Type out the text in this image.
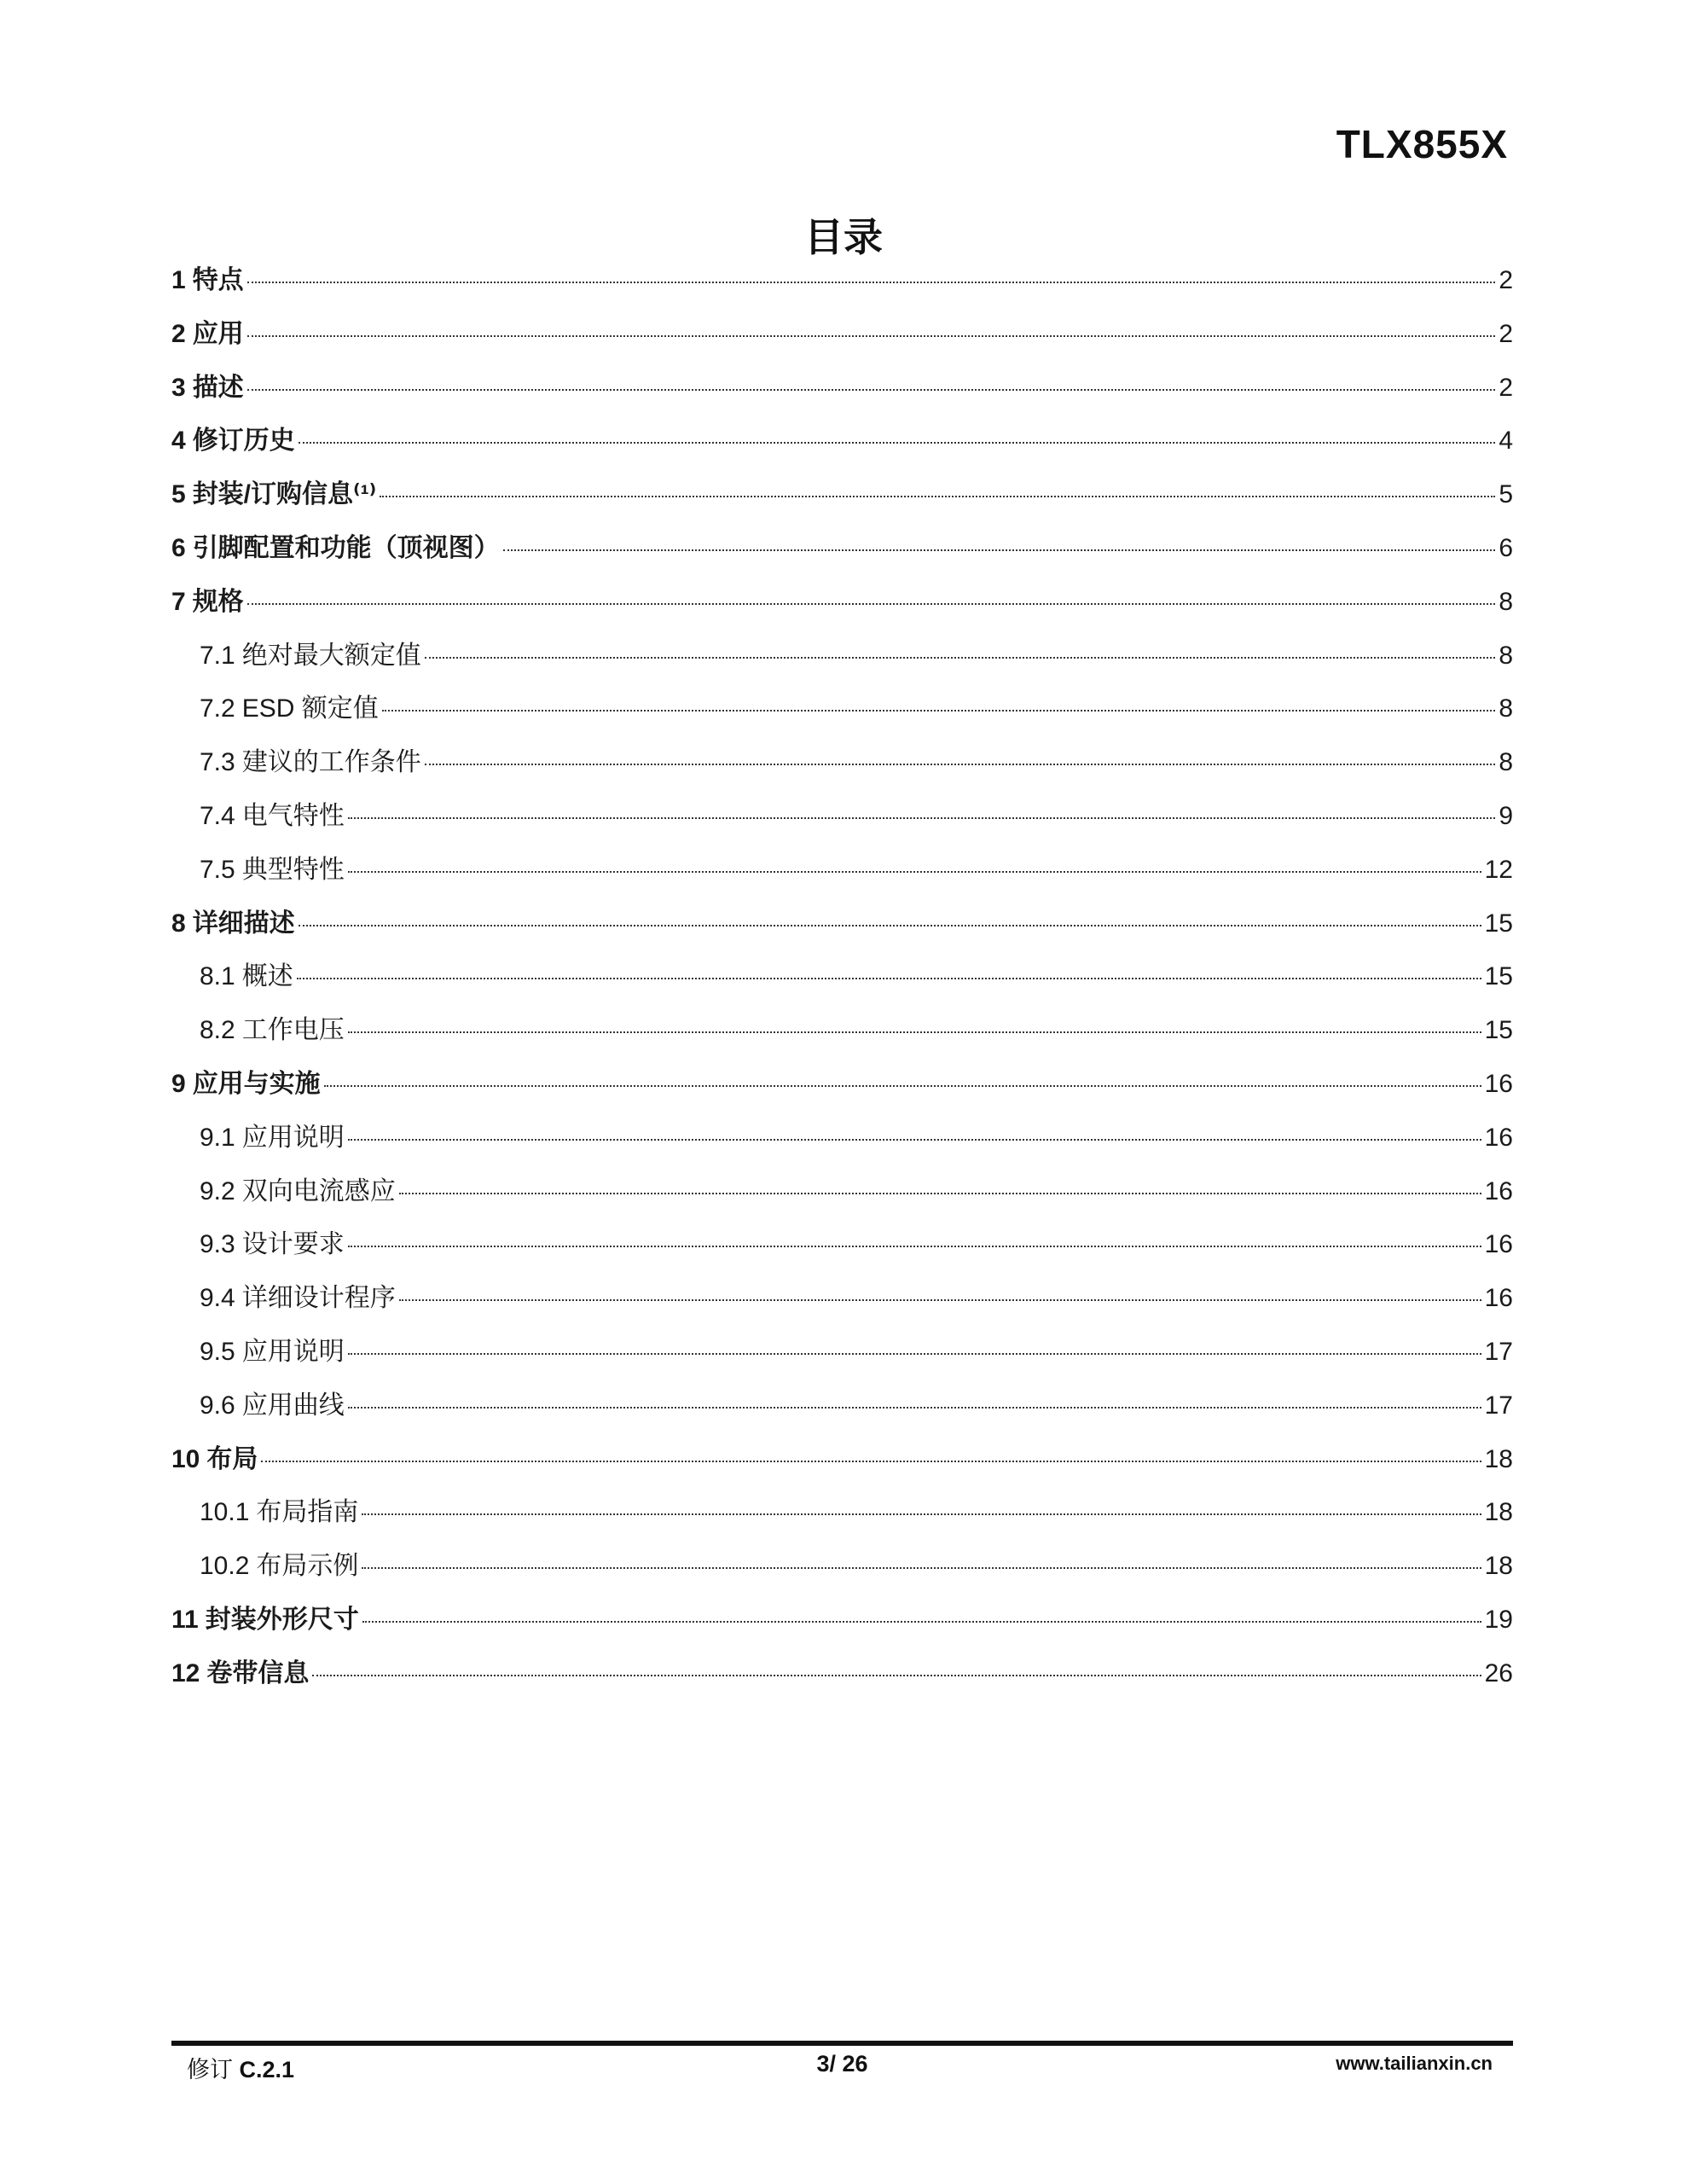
TLX855X
目录
1 特点	2
2 应用	2
3 描述	2
4 修订历史	4
5 封装/订购信息⁽¹⁾	5
6 引脚配置和功能（顶视图）	6
7 规格	8
7.1 绝对最大额定值	8
7.2 ESD 额定值	8
7.3 建议的工作条件	8
7.4 电气特性	9
7.5 典型特性	12
8 详细描述	15
8.1 概述	15
8.2 工作电压	15
9 应用与实施	16
9.1 应用说明	16
9.2 双向电流感应	16
9.3 设计要求	16
9.4 详细设计程序	16
9.5 应用说明	17
9.6 应用曲线	17
10 布局	18
10.1 布局指南	18
10.2 布局示例	18
11 封装外形尺寸	19
12 卷带信息	26
修订 C.2.1	3/ 26	www.tailianxin.cn
